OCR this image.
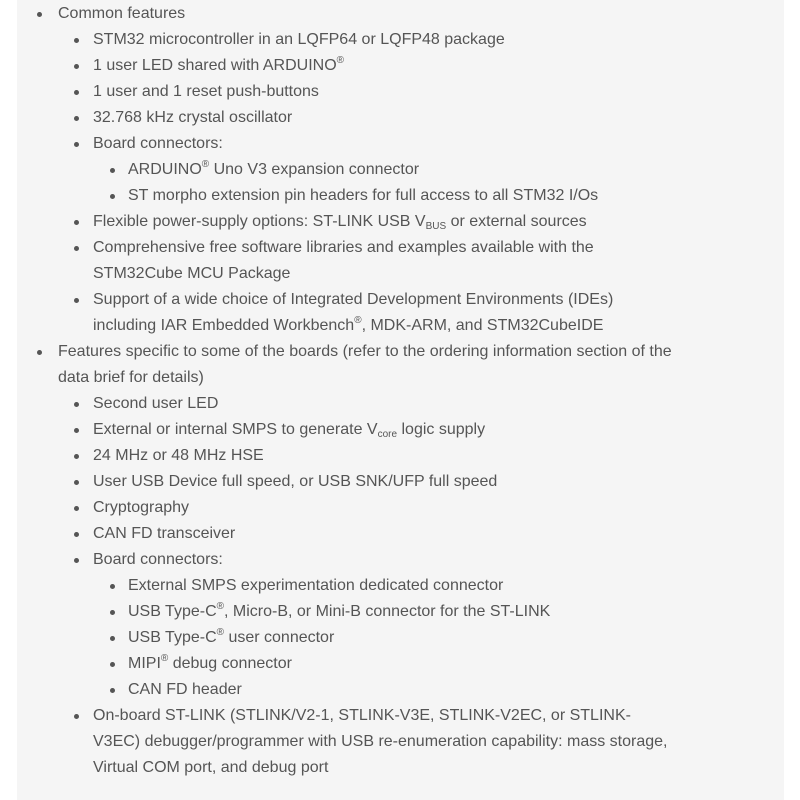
Common features
STM32 microcontroller in an LQFP64 or LQFP48 package
1 user LED shared with ARDUINO®
1 user and 1 reset push-buttons
32.768 kHz crystal oscillator
Board connectors:
ARDUINO® Uno V3 expansion connector
ST morpho extension pin headers for full access to all STM32 I/Os
Flexible power-supply options: ST-LINK USB $V_{BUS}$ or external sources
Comprehensive free software libraries and examples available with the
STM32Cube MCU Package
Support of a wide choice of Integrated Development Environments (IDEs)
including IAR Embedded Workbench®, MDK-ARM, and STM32CubeIDE
Features specific to some of the boards (refer to the ordering information section of the
data brief for details)
Second user LED
External or internal SMPS to generate $V_{core}$ logic supply
24 MHz or 48 MHz HSE
User USB Device full speed, or USB SNK/UFP full speed
Cryptography
CAN FD transceiver
Board connectors:
External SMPS experimentation dedicated connector
USB Type-C®, Micro-B, or Mini-B connector for the ST-LINK
USB Type-C® user connector
MIPI® debug connector
CAN FD header
On-board ST-LINK (STLINK/V2-1, STLINK-V3E, STLINK-V2EC, or STLINK-
V3EC) debugger/programmer with USB re-enumeration capability: mass storage,
Virtual COM port, and debug port
